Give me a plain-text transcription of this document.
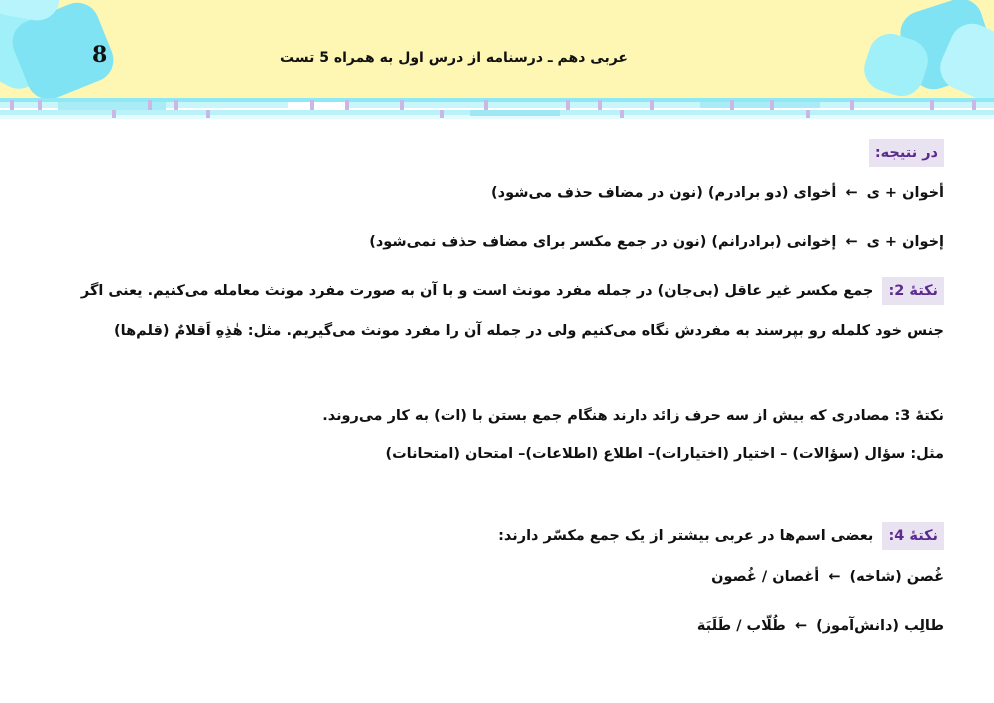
8	عربی دهم ـ درسنامه از درس اول به همراه 5 تست
در نتیجه:
أخوان + ی ← أخوای (دو برادرم) (نون در مضاف حذف می‌شود)
إخوان + ی ← إخوانی (برادرانم) (نون در جمع مکسر برای مضاف حذف نمی‌شود)
نکتهٔ 2: جمع مکسر غیر عاقل (بی‌جان) در جمله مفرد مونث است و با آن به صورت مفرد مونث معامله می‌کنیم. یعنی اگر
جنس خود کلمله رو بپرسند به مفردش نگاه می‌کنیم ولی در جمله آن را مفرد مونث می‌گیریم. مثل: هٰذِهِ اَقلامٌ (قلم‌ها)
نکتهٔ 3: مصادری که بیش از سه حرف زائد دارند هنگام جمع بستن با (ات) به کار می‌روند.
مثل: سؤال (سؤالات) – اختیار (اختیارات)– اطلاع (اطلاعات)– امتحان (امتحانات)
نکتهٔ 4: بعضی اسم‌ها در عربی بیشتر از یک جمع مکسّر دارند:
غُصن (شاخه) ← أغصان / غُصون
طالِب (دانش‌آموز) ← طُلّاب / طَلَبَة
